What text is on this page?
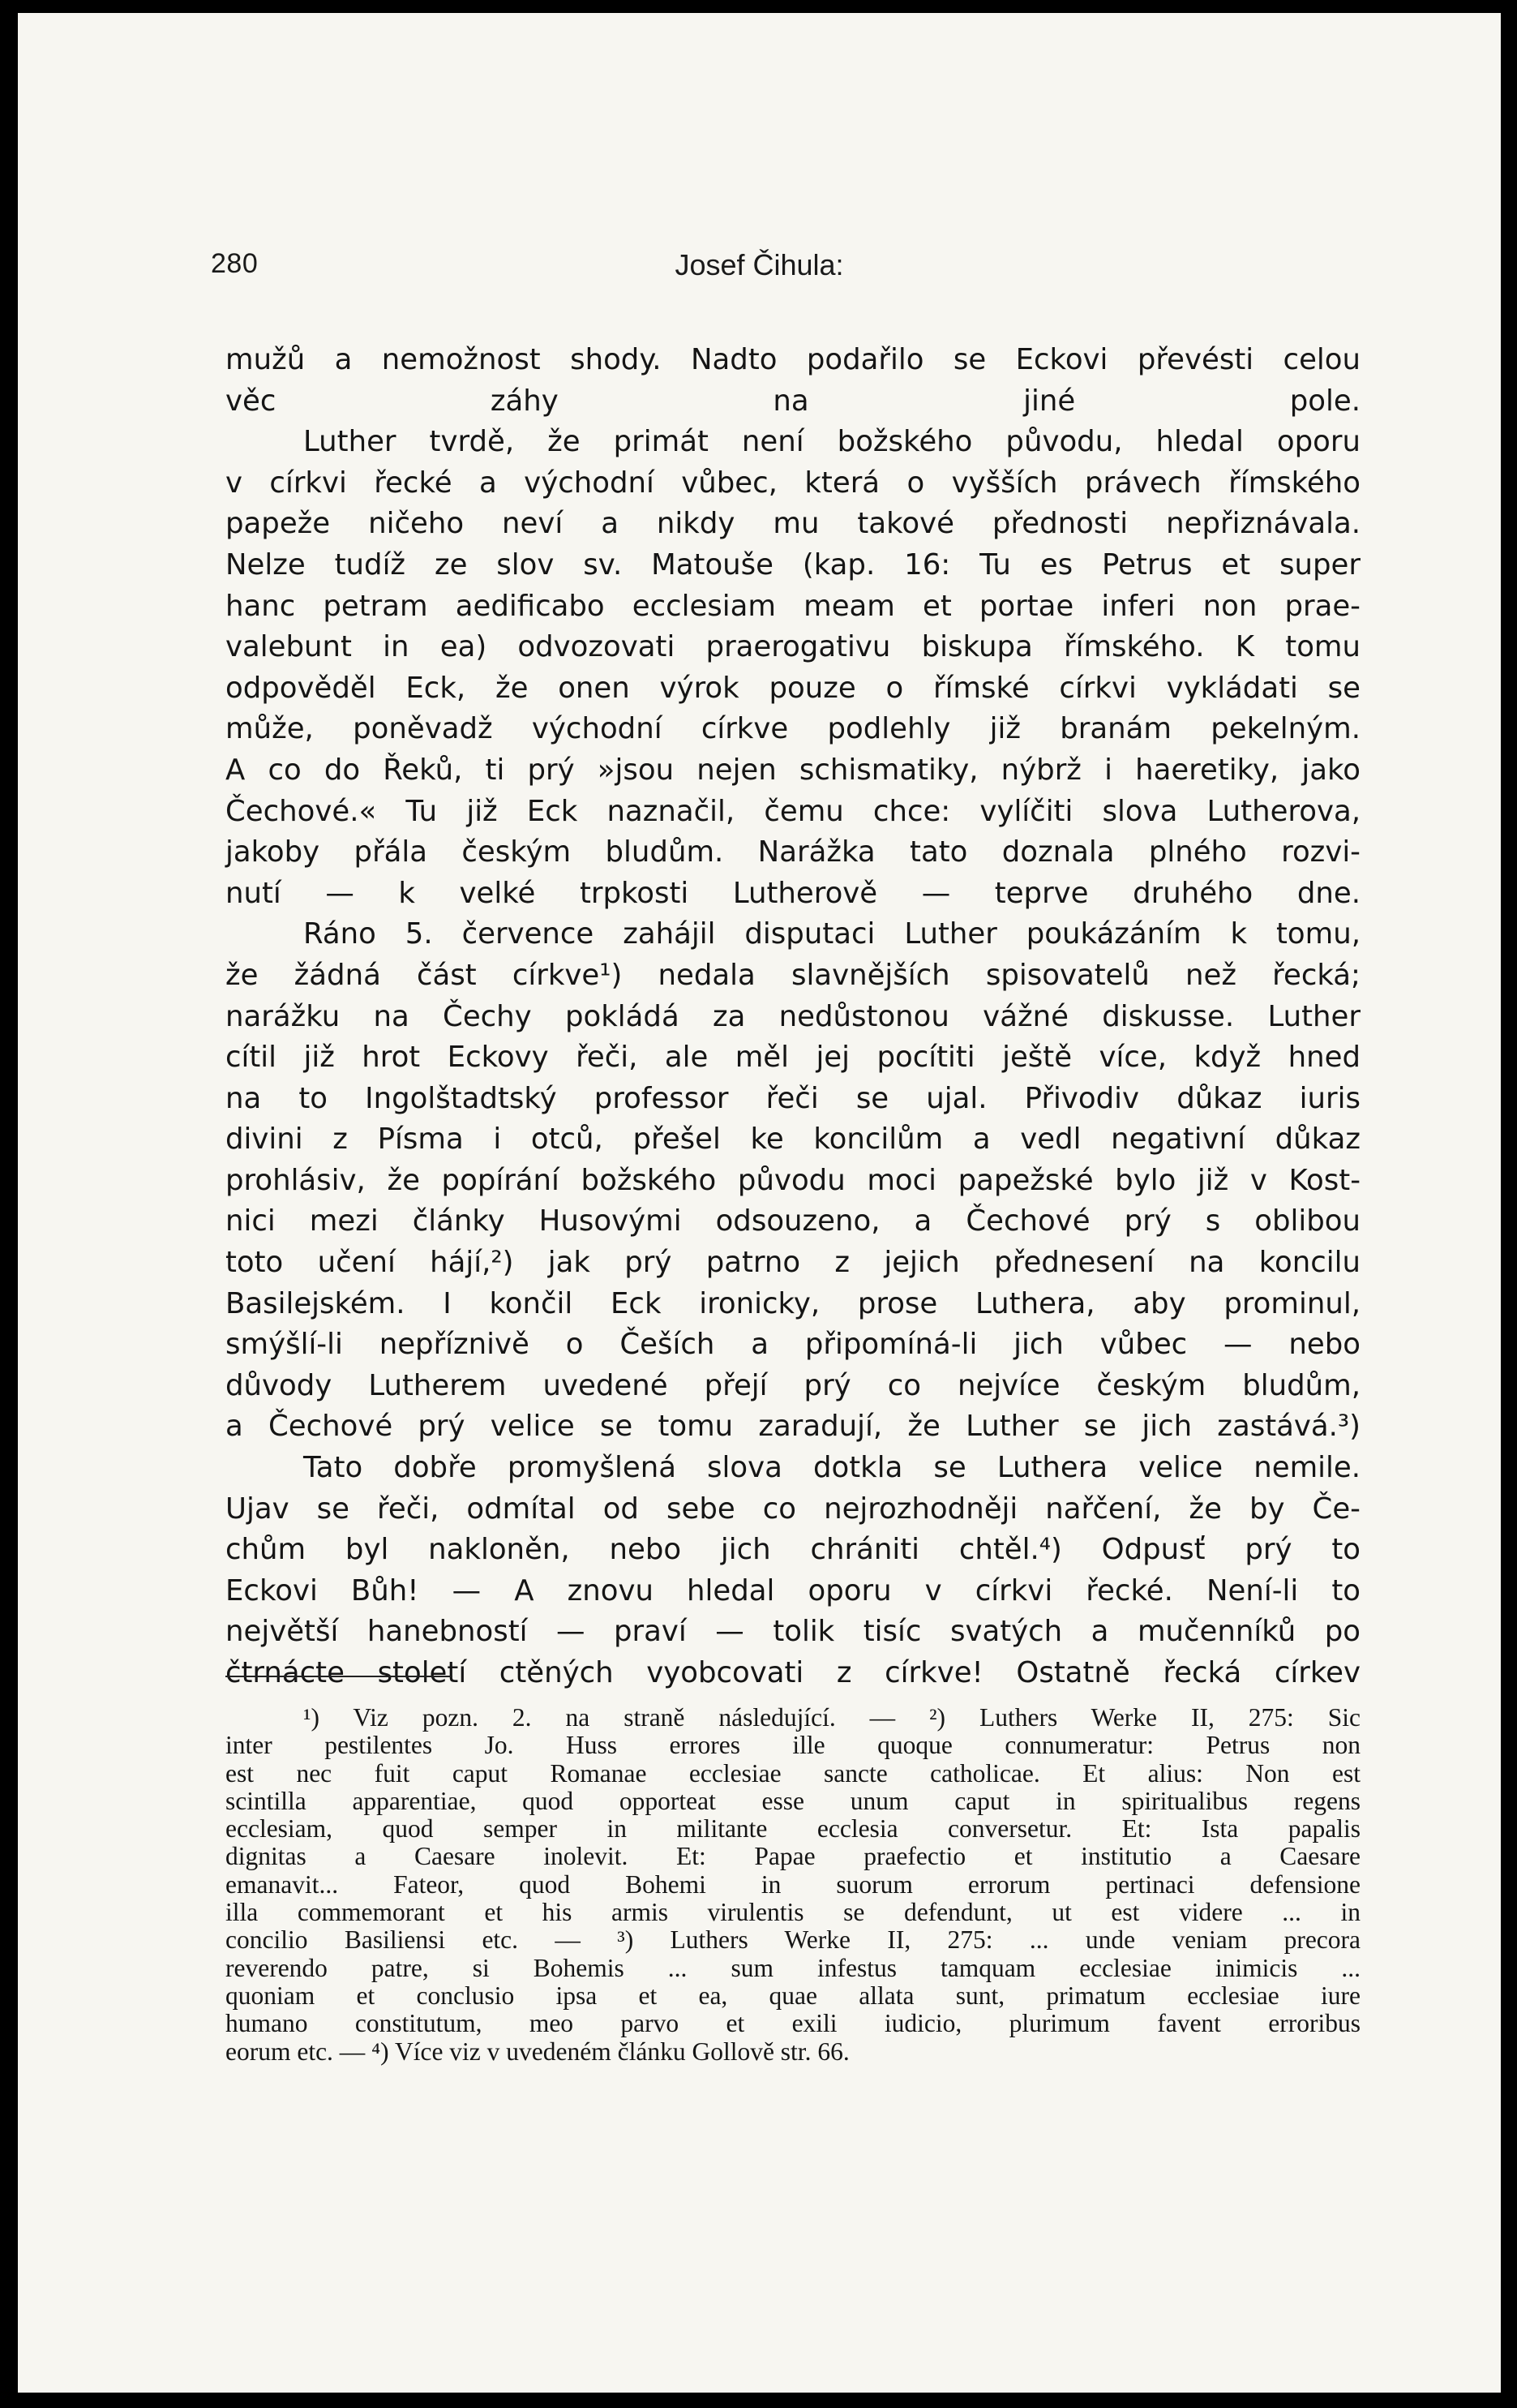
280	Josef Čihula:

mužů a nemožnost shody. Nadto podařilo se Eckovi převésti celou
věc záhy na jiné pole.

Luther tvrdě, že primát není božského původu, hledal oporu
v církvi řecké a východní vůbec, která o vyšších právech římského
papeže ničeho neví a nikdy mu takové přednosti nepřiznávala.
Nelze tudíž ze slov sv. Matouše (kap. 16: Tu es Petrus et super
hanc petram aedificabo ecclesiam meam et portae inferi non prae-
valebunt in ea) odvozovati praerogativu biskupa římského. K tomu
odpověděl Eck, že onen výrok pouze o římské církvi vykládati se
může, poněvadž východní církve podlehly již branám pekelným.
A co do Řeků, ti prý »jsou nejen schismatiky, nýbrž i haeretiky, jako
Čechové.« Tu již Eck naznačil, čemu chce: vylíčiti slova Lutherova,
jakoby přála českým bludům. Narážka tato doznala plného rozvi-
nutí — k velké trpkosti Lutherově — teprve druhého dne.

Ráno 5. července zahájil disputaci Luther poukázáním k tomu,
že žádná část církve¹) nedala slavnějších spisovatelů než řecká;
narážku na Čechy pokládá za nedůstonou vážné diskusse. Luther
cítil již hrot Eckovy řeči, ale měl jej pocítiti ještě více, když hned
na to Ingolštadtský professor řeči se ujal. Přivodiv důkaz iuris
divini z Písma i otců, přešel ke koncilům a vedl negativní důkaz
prohlásiv, že popírání božského původu moci papežské bylo již v Kost-
nici mezi články Husovými odsouzeno, a Čechové prý s oblibou
toto učení hájí,²) jak prý patrno z jejich přednesení na koncilu
Basilejském. I končil Eck ironicky, prose Luthera, aby prominul,
smýšlí-li nepříznivě o Češích a připomíná-li jich vůbec — nebo
důvody Lutherem uvedené přejí prý co nejvíce českým bludům,
a Čechové prý velice se tomu zaradují, že Luther se jich zastává.³)

Tato dobře promyšlená slova dotkla se Luthera velice nemile.
Ujav se řeči, odmítal od sebe co nejrozhodněji nařčení, že by Če-
chům byl nakloněn, nebo jich chrániti chtěl.⁴) Odpusť prý to
Eckovi Bůh! — A znovu hledal oporu v církvi řecké. Není-li to
největší hanebností — praví — tolik tisíc svatých a mučenníků po
čtrnácte století ctěných vyobcovati z církve! Ostatně řecká církev

¹) Viz pozn. 2. na straně následující. — ²) Luthers Werke II, 275: Sic
inter pestilentes Jo. Huss errores ille quoque connumeratur: Petrus non
est nec fuit caput Romanae ecclesiae sancte catholicae. Et alius: Non est
scintilla apparentiae, quod opporteat esse unum caput in spiritualibus regens
ecclesiam, quod semper in militante ecclesia conversetur. Et: Ista papalis
dignitas a Caesare inolevit. Et: Papae praefectio et institutio a Caesare
emanavit... Fateor, quod Bohemi in suorum errorum pertinaci defensione
illa commemorant et his armis virulentis se defendunt, ut est videre ... in
concilio Basiliensi etc. — ³) Luthers Werke II, 275: ... unde veniam precora
reverendo patre, si Bohemis ... sum infestus tamquam ecclesiae inimicis ...
quoniam et conclusio ipsa et ea, quae allata sunt, primatum ecclesiae iure
humano constitutum, meo parvo et exili iudicio, plurimum favent erroribus
eorum etc. — ⁴) Více viz v uvedeném článku Gollově str. 66.
